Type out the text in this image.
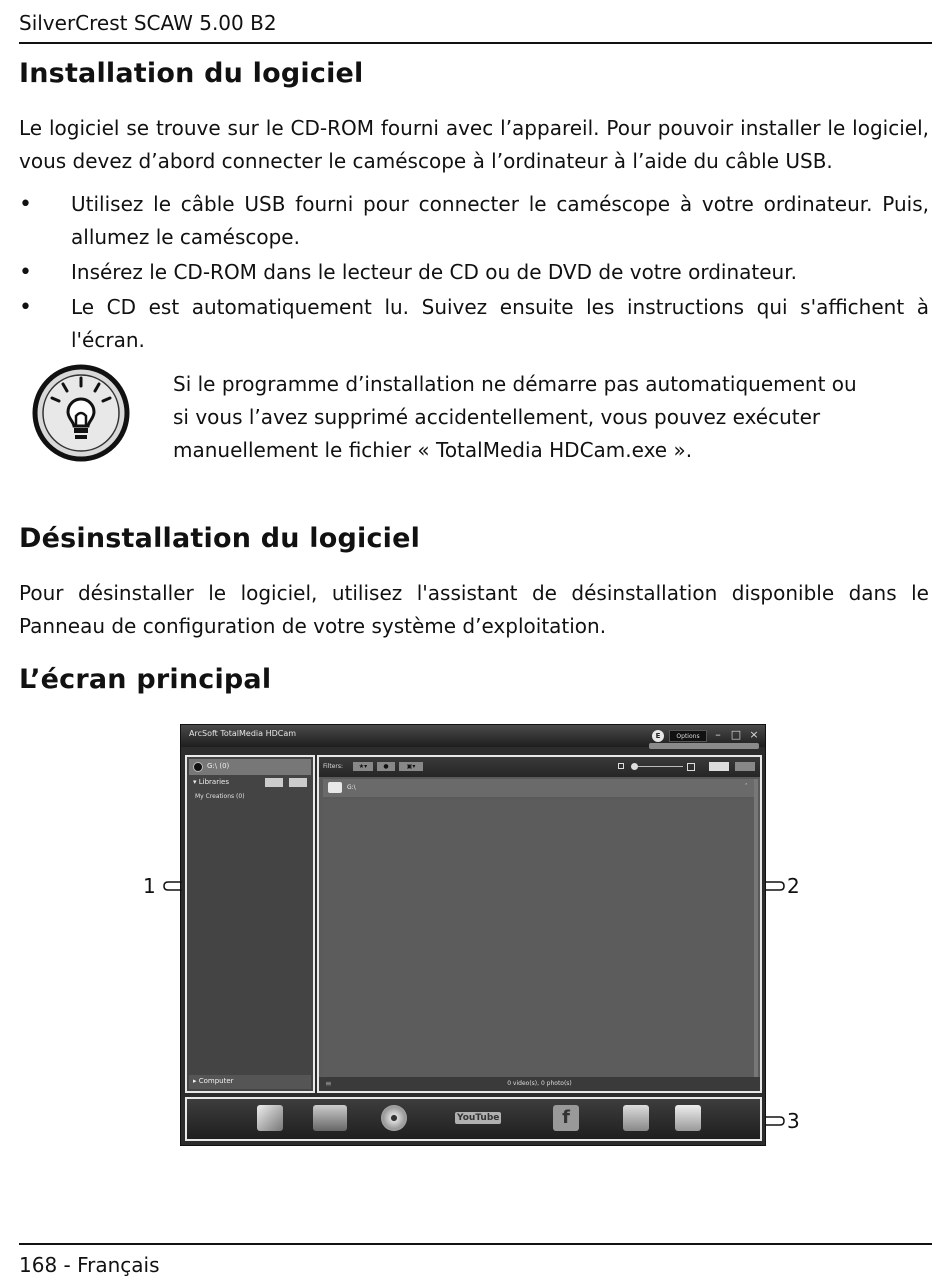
SilverCrest SCAW 5.00 B2
Installation du logiciel

Le logiciel se trouve sur le CD-ROM fourni avec l’appareil. Pour pouvoir installer le logiciel, vous devez d’abord connecter le caméscope à l’ordinateur à l’aide du câble USB.

• Utilisez le câble USB fourni pour connecter le caméscope à votre ordinateur. Puis, allumez le caméscope.
• Insérez le CD-ROM dans le lecteur de CD ou de DVD de votre ordinateur.
• Le CD est automatiquement lu. Suivez ensuite les instructions qui s'affichent à l'écran.

Si le programme d’installation ne démarre pas automatiquement ou si vous l’avez supprimé accidentellement, vous pouvez exécuter manuellement le fichier « TotalMedia HDCam.exe ».

Désinstallation du logiciel

Pour désinstaller le logiciel, utilisez l'assistant de désinstallation disponible dans le Panneau de configuration de votre système d’exploitation.

L’écran principal
ArcSoft TotalMedia HDCam	E	Options	– □ ×
G:\ (0)
▾ Libraries
My Creations (0)
▸ Computer
Filters:	★▾	●	▣▾
G:\	ˆ
≡	0 video(s), 0 photo(s)
YouTube	f
1	2
3
168 - Français
